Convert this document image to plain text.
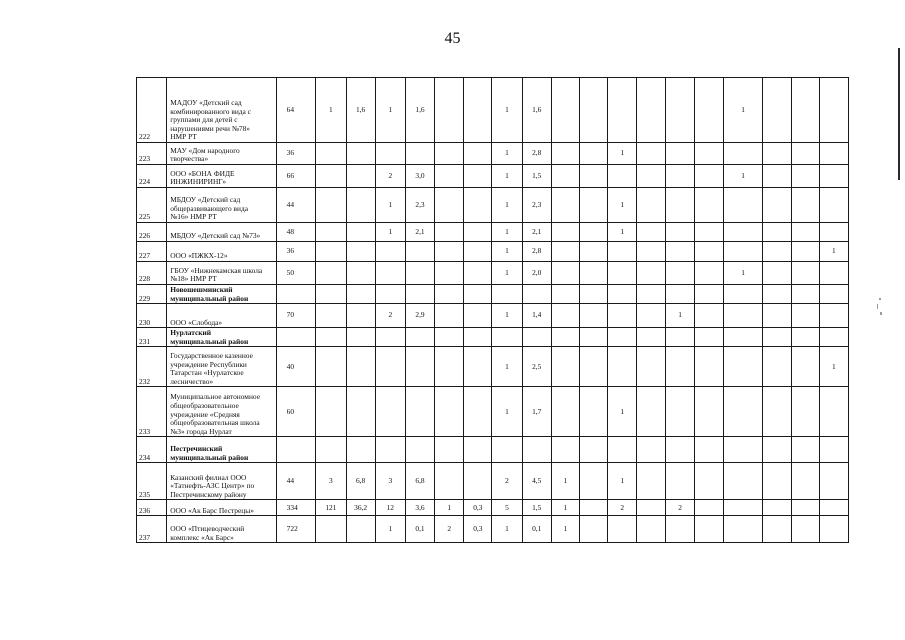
45
222	МАДОУ «Детский сад
комбинированного вида с
группами для детей с
нарушениями речи №78»
НМР РТ	64	1	1,6	1	1,6			1	1,6							1			
223	МАУ «Дом народного
творчества»	36							1	2,8			1							
224	ООО «БОНА ФИДЕ
ИНЖИНИРИНГ»	66			2	3,0			1	1,5							1			
225	МБДОУ «Детский сад
общеразвивающего вида
№16» НМР РТ	44			1	2,3			1	2,3			1							
226	МБДОУ «Детский сад №73»	48			1	2,1			1	2,1			1							
227	ООО «ПЖКХ-12»	36							1	2,8										1
228	ГБОУ «Нижнекамская школа
№18» НМР РТ	50							1	2,0							1			
229	Новошешминский
муниципальный район																			
230	ООО «Слобода»	70			2	2,9			1	1,4					1					
231	Нурлатский
муниципальный район																			
232	Государственное казенное
учреждение Республики
Татарстан «Нурлатское
лесничество»	40							1	2,5										1
233	Муниципальное автономное
общеобразовательное
учреждение «Средняя
общеобразовательная школа
№3» города Нурлат	60							1	1,7			1							
234	Пестречинский
муниципальный район																			
235	Казанский филиал ООО
«Татнефть-АЗС Центр» по
Пестречинскому району	44	3	6,8	3	6,8			2	4,5	1		1							
236	ООО «Ак Барс Пестрецы»	334	121	36,2	12	3,6	1	0,3	5	1,5	1		2		2					
237	ООО «Птицеводческий
комплекс «Ак Барс»	722			1	0,1	2	0,3	1	0,1	1									
